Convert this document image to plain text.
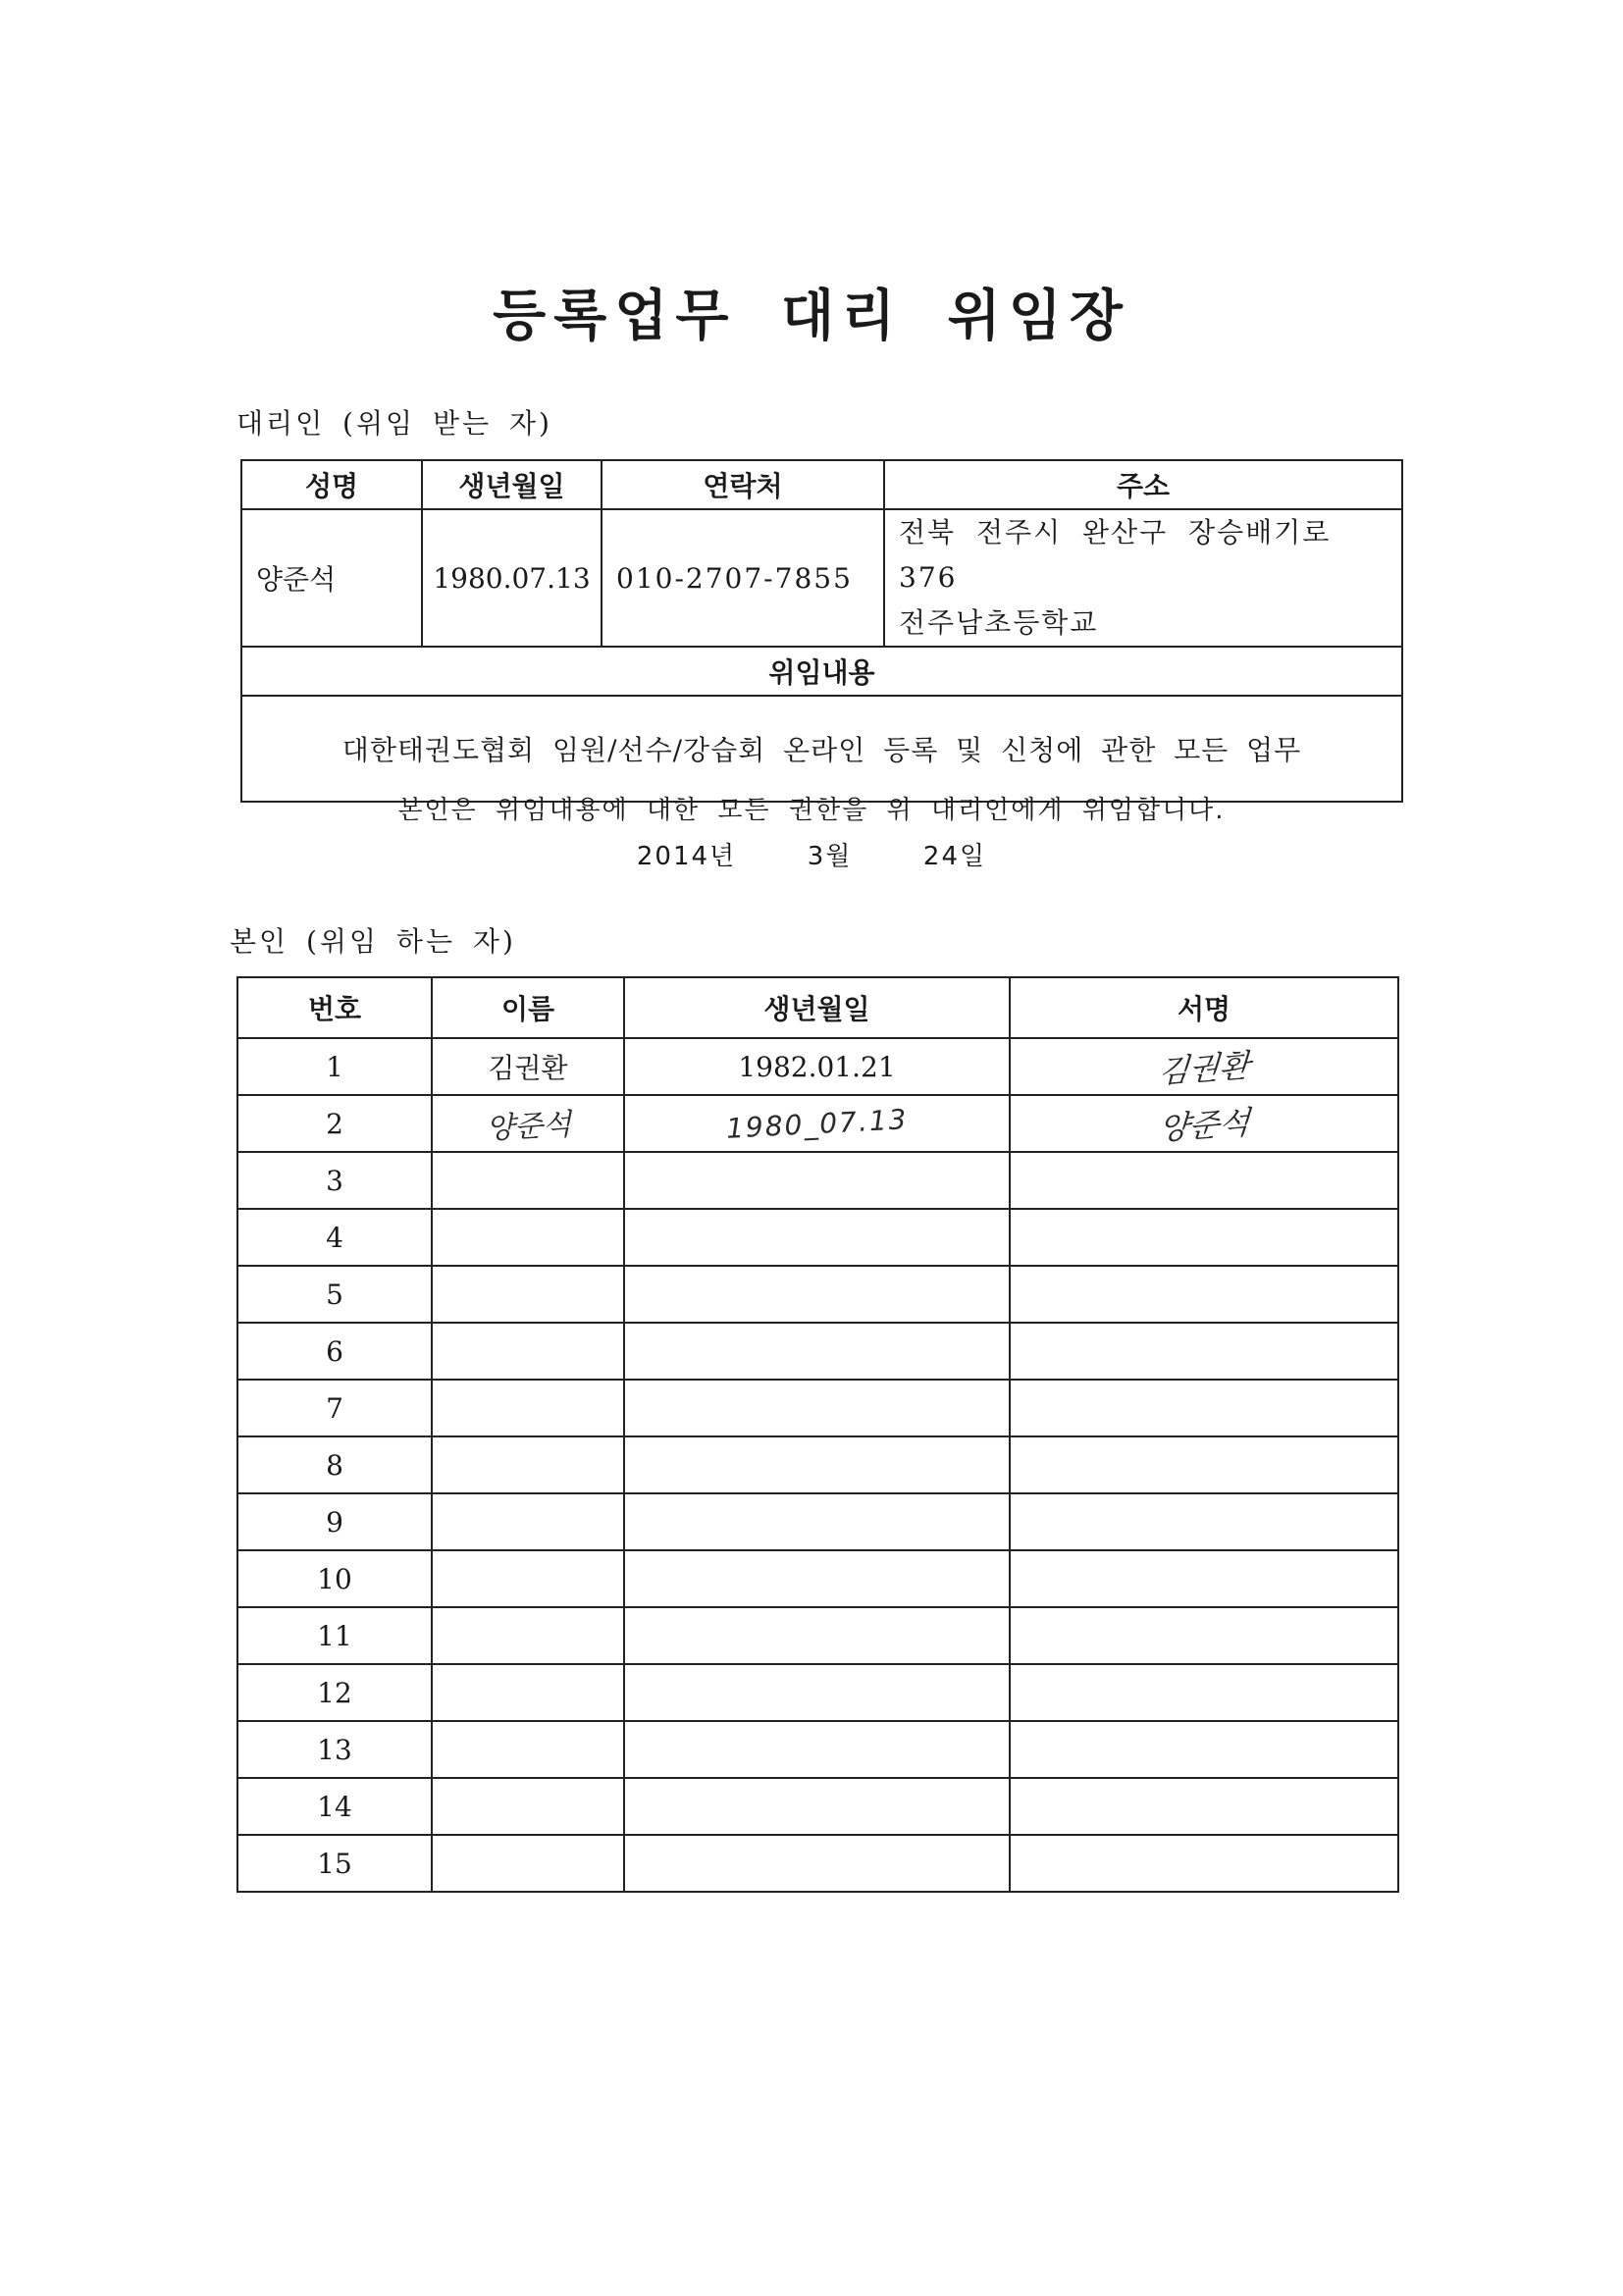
등록업무 대리 위임장
대리인 (위임 받는 자)
성명	생년월일	연락처	주소
양준석	1980.07.13	010-2707-7855	전북 전주시 완산구 장승배기로 376
전주남초등학교

위임내용			
대한태권도협회 임원/선수/강습회 온라인 등록 및 신청에 관한 모든 업무			
본인은 위임내용에 대한 모든 권한을 위 대리인에게 위임합니다.
2014년	3월	24일
본인 (위임 하는 자)
번호	이름	생년월일	서명
1	김권환	1982.01.21	김권환
2	양준석	1980_07.13	양준석
3			
4			
5			
6			
7			
8			
9			
10			
11			
12			
13			
14			
15			
